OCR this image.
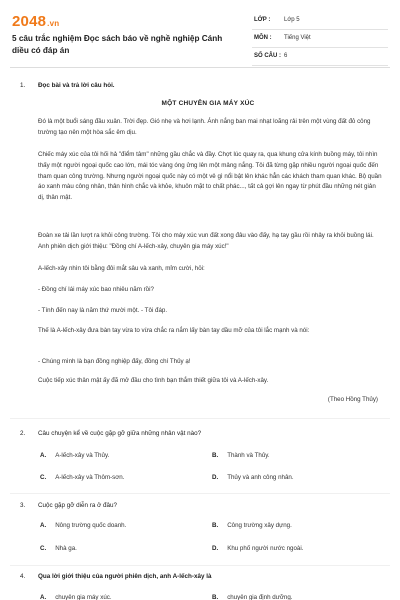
2048.vn
5 câu trắc nghiệm Đọc sách báo về nghề nghiệp Cánh diều có đáp án
LỚP : Lớp 5
MÔN : Tiếng Việt
SỐ CÂU : 6
1. Đọc bài và trả lời câu hỏi.
MỘT CHUYÊN GIA MÁY XÚC
Đó là một buổi sáng đầu xuân. Trời đẹp. Gió nhẹ và hơi lạnh. Ánh nắng ban mai nhạt loãng rải trên một vùng đất đỏ công trường tạo nên một hòa sắc êm dịu.
Chiếc máy xúc của tôi hối hả "điểm tâm" những gầu chắc và đầy. Chợt lúc quay ra, qua khung cửa kính buồng máy, tôi nhìn thấy một người ngoại quốc cao lớn, mái tóc vàng óng ửng lên một mảng nắng. Tôi đã từng gặp nhiều người ngoại quốc đến tham quan công trường. Nhưng người ngoại quốc này có một vẻ gì nổi bật lên khác hẳn các khách tham quan khác. Bộ quần áo xanh màu công nhân, thân hình chắc và khỏe, khuôn mặt to chất phác..., tất cả gợi lên ngay từ phút đầu những nét giản dị, thân mật.
Đoàn xe tải lần lượt ra khỏi công trường. Tôi cho máy xúc vun đất xong đâu vào đấy, hạ tay gầu rồi nhảy ra khỏi buồng lái. Anh phiên dịch giới thiệu: "Đồng chí A-lếch-xây, chuyên gia máy xúc!"
A-lếch-xây nhìn tôi bằng đôi mắt sâu và xanh, mỉm cười, hỏi:
- Đồng chí lái máy xúc bao nhiêu năm rồi?
- Tính đến nay là năm thứ mười một. - Tôi đáp.
Thế là A-lếch-xây đưa bàn tay vừa to vừa chắc ra nắm lấy bàn tay dầu mỡ của tôi lắc mạnh và nói:
- Chúng mình là bạn đồng nghiệp đấy, đồng chí Thủy ạ!
Cuộc tiếp xúc thân mật ấy đã mở đầu cho tình bạn thắm thiết giữa tôi và A-lếch-xây.
(Theo Hồng Thủy)
2. Câu chuyện kể về cuộc gặp gỡ giữa những nhân vật nào?
A. A-lếch-xây và Thủy.	B. Thành và Thủy.
C. A-lếch-xây và Thôm-sơn.	D. Thủy và anh công nhân.
3. Cuộc gặp gỡ diễn ra ở đâu?
A. Nông trường quốc doanh.	B. Công trường xây dựng.
C. Nhà ga.	D. Khu phố người nước ngoài.
4. Qua lời giới thiệu của người phiên dịch, anh A-lếch-xây là
A. chuyên gia máy xúc.	B. chuyên gia định dưỡng.
